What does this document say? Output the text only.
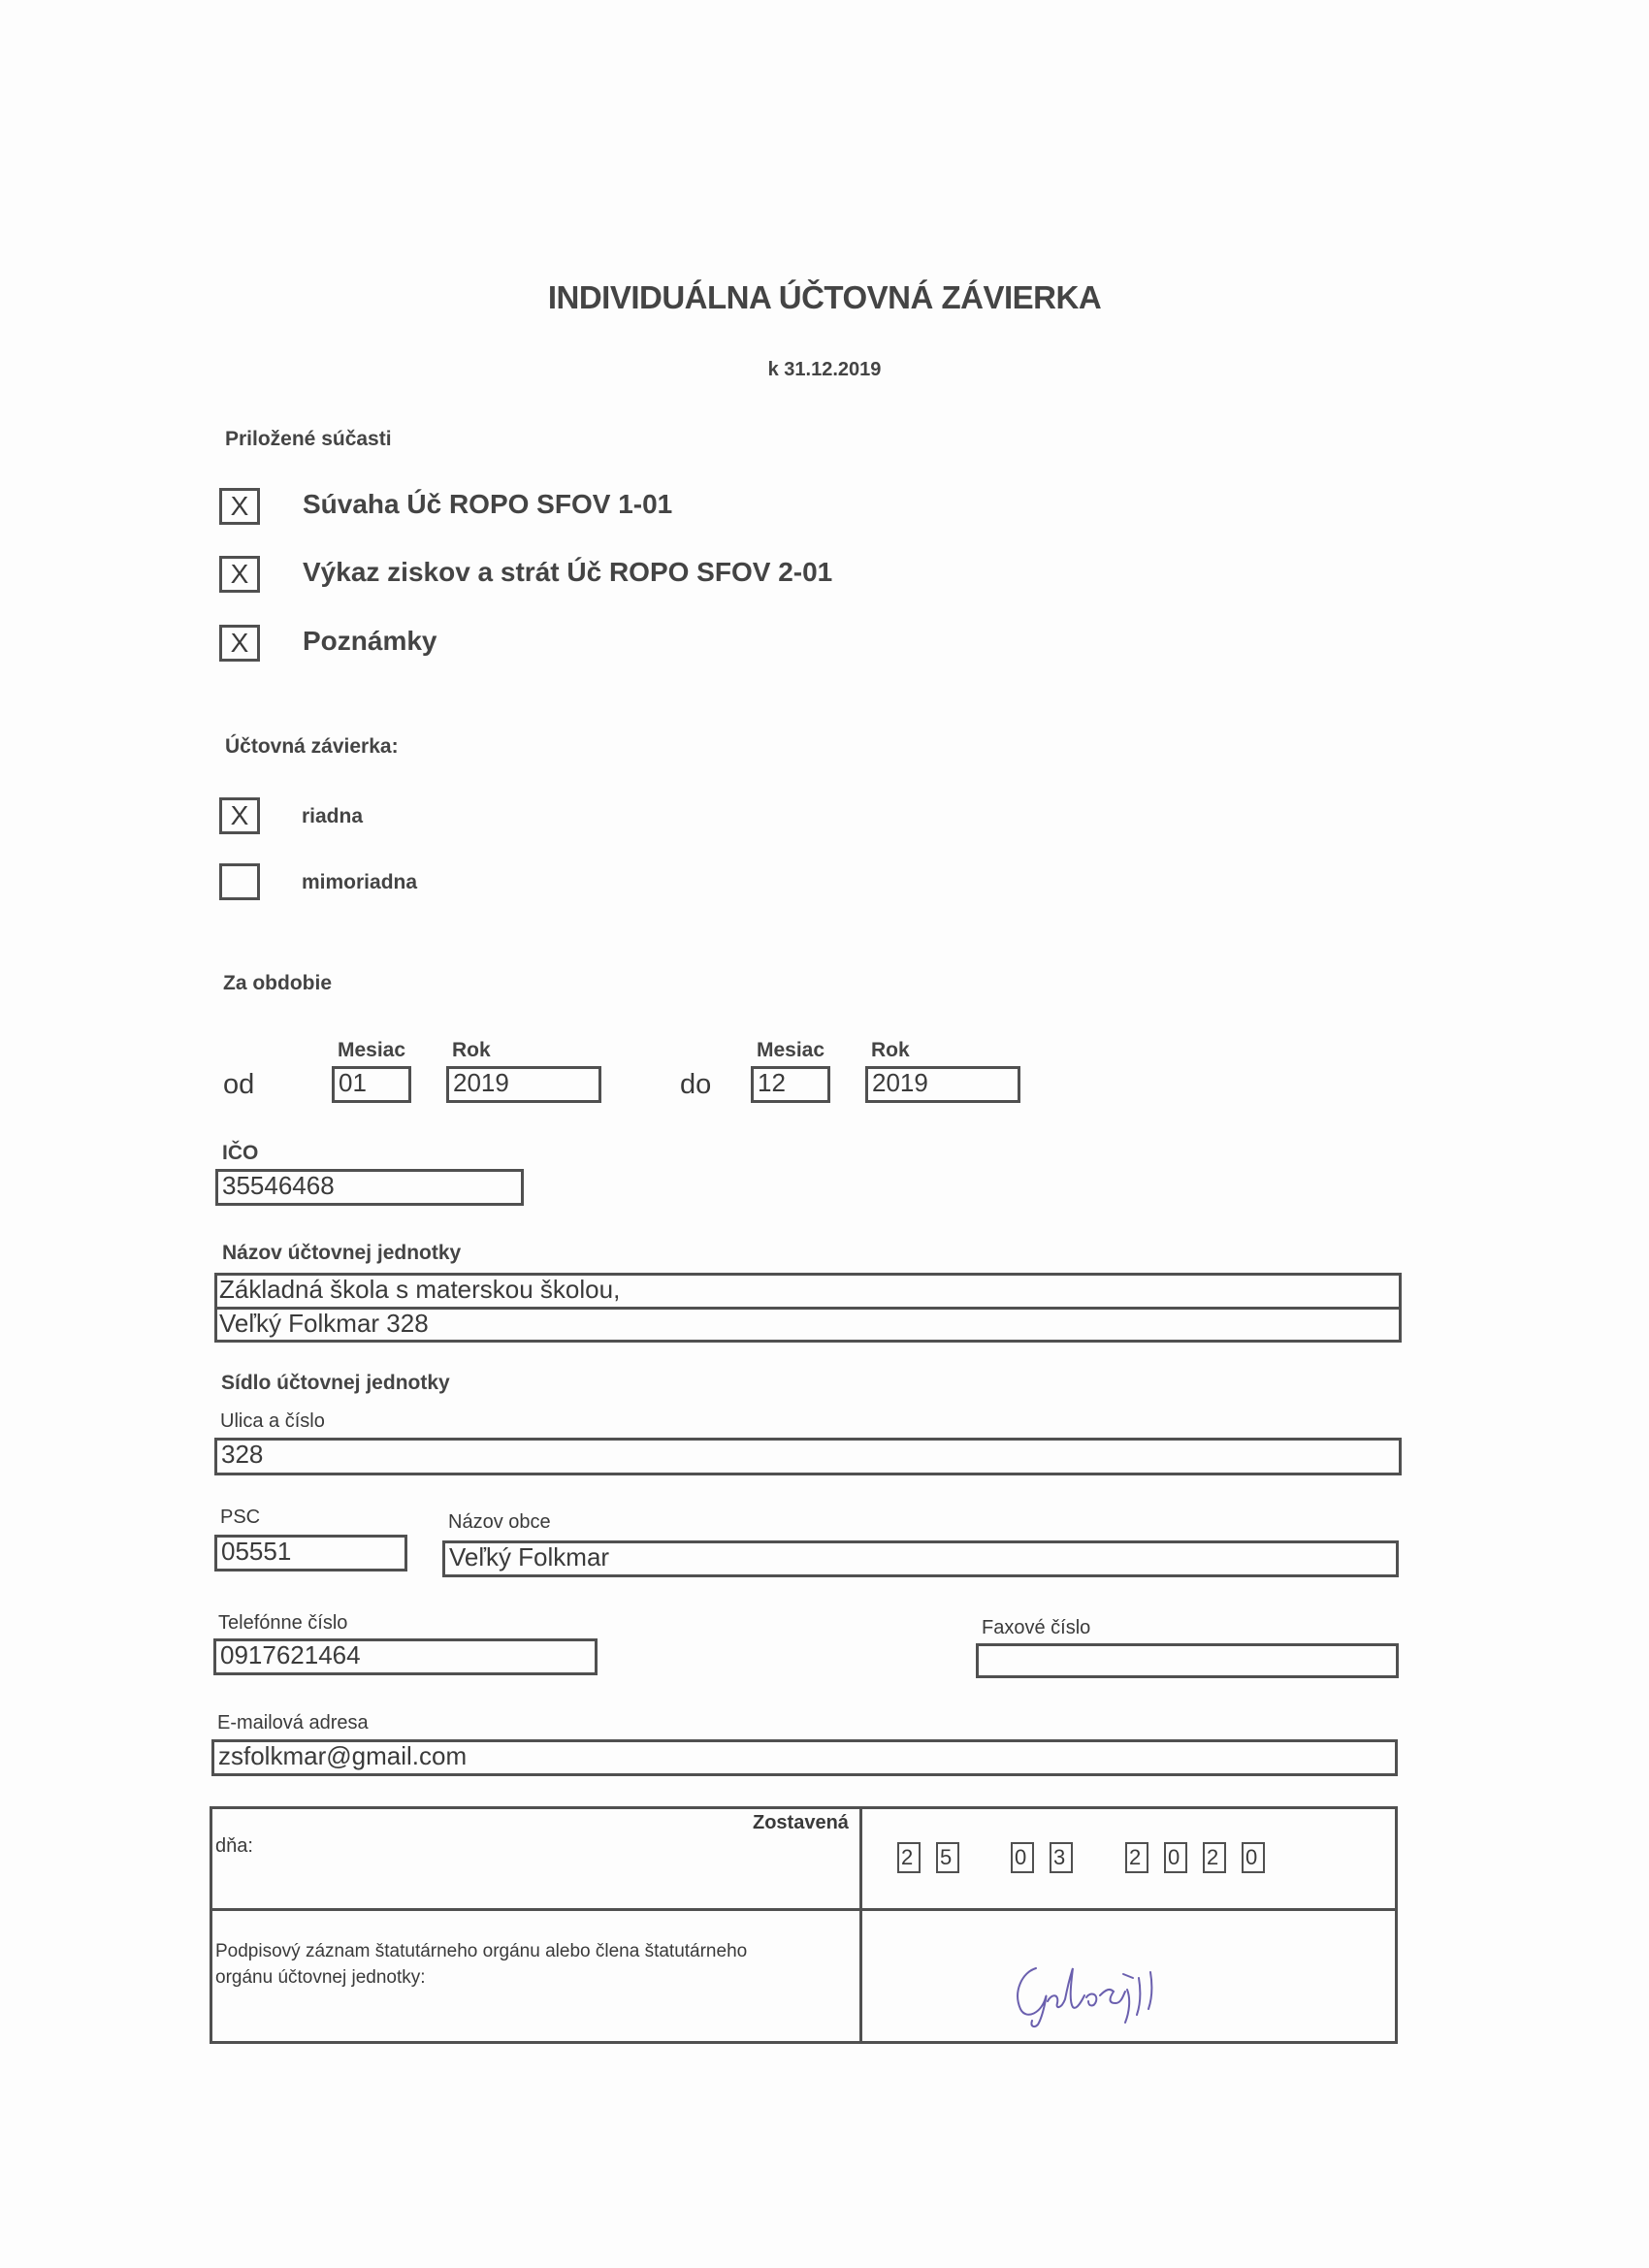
INDIVIDUÁLNA ÚČTOVNÁ ZÁVIERKA
k 31.12.2019
Priložené súčasti
X	Súvaha Úč ROPO SFOV 1-01
X	Výkaz ziskov a strát Úč ROPO SFOV 2-01
X	Poznámky
Účtovná závierka:
X	riadna
mimoriadna
Za obdobie
Mesiac Rok	Mesiac Rok
od	01	2019	do 12	2019
IČO
35546468
Názov účtovnej jednotky
Základná škola s materskou školou,
Veľký Folkmar 328
Sídlo účtovnej jednotky
Ulica a číslo
328
PSC
05551
Názov obce
Veľký Folkmar
Telefónne číslo
0917621464
Faxové číslo
E-mailová adresa
zsfolkmar@gmail.com
Zostavená
dňa:	2	5	0	3	2	0	2	0
Podpisový záznam štatutárneho orgánu alebo člena štatutárneho
orgánu účtovnej jednotky:
